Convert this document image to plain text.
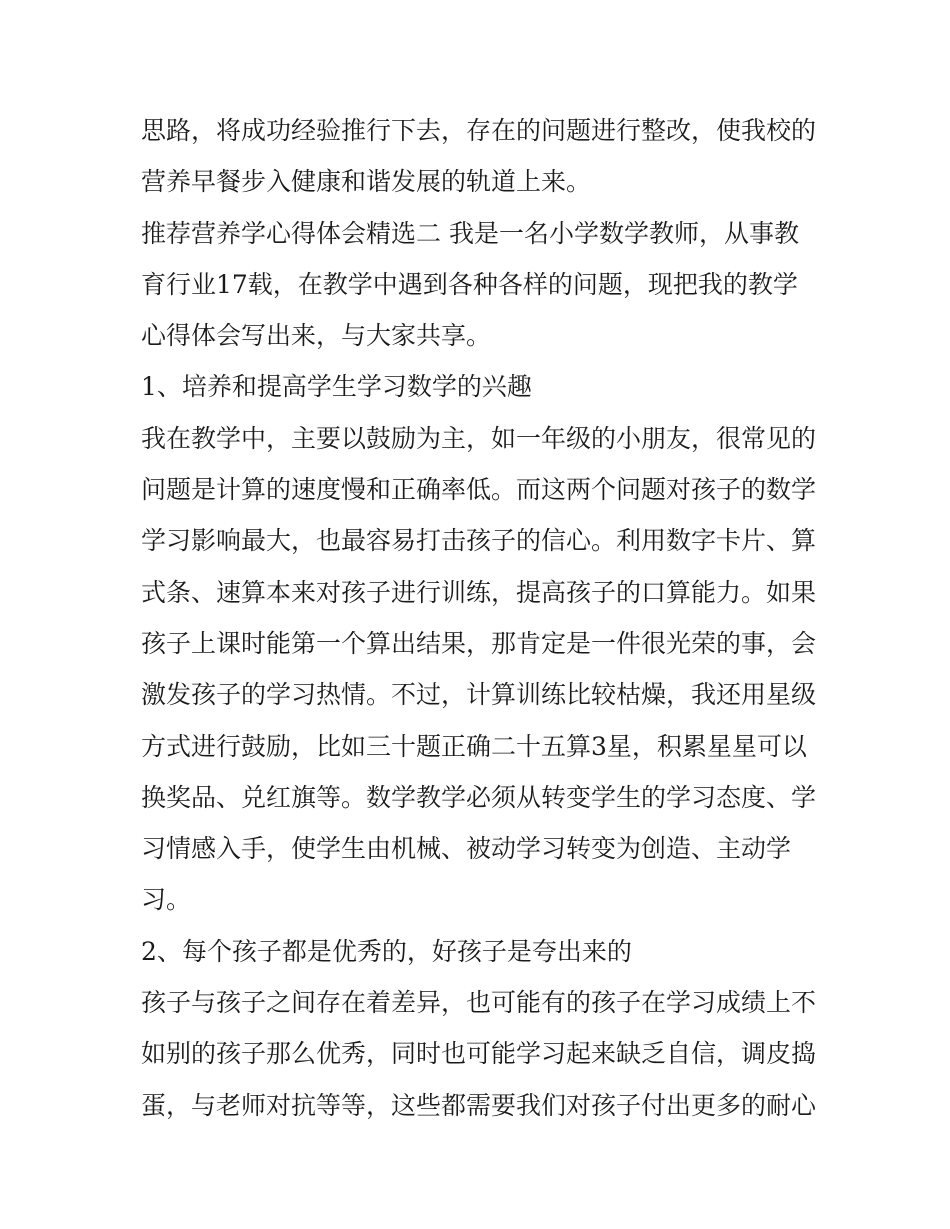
思路，将成功经验推行下去，存在的问题进行整改，使我校的
营养早餐步入健康和谐发展的轨道上来。
推荐营养学心得体会精选二 我是一名小学数学教师，从事教
育行业17载，在教学中遇到各种各样的问题，现把我的教学
心得体会写出来，与大家共享。
1、培养和提高学生学习数学的兴趣
我在教学中，主要以鼓励为主，如一年级的小朋友，很常见的
问题是计算的速度慢和正确率低。而这两个问题对孩子的数学
学习影响最大，也最容易打击孩子的信心。利用数字卡片、算
式条、速算本来对孩子进行训练，提高孩子的口算能力。如果
孩子上课时能第一个算出结果，那肯定是一件很光荣的事，会
激发孩子的学习热情。不过，计算训练比较枯燥，我还用星级
方式进行鼓励，比如三十题正确二十五算3星，积累星星可以
换奖品、兑红旗等。数学教学必须从转变学生的学习态度、学
习情感入手，使学生由机械、被动学习转变为创造、主动学
习。
2、每个孩子都是优秀的，好孩子是夸出来的
孩子与孩子之间存在着差异，也可能有的孩子在学习成绩上不
如别的孩子那么优秀，同时也可能学习起来缺乏自信，调皮捣
蛋，与老师对抗等等，这些都需要我们对孩子付出更多的耐心
